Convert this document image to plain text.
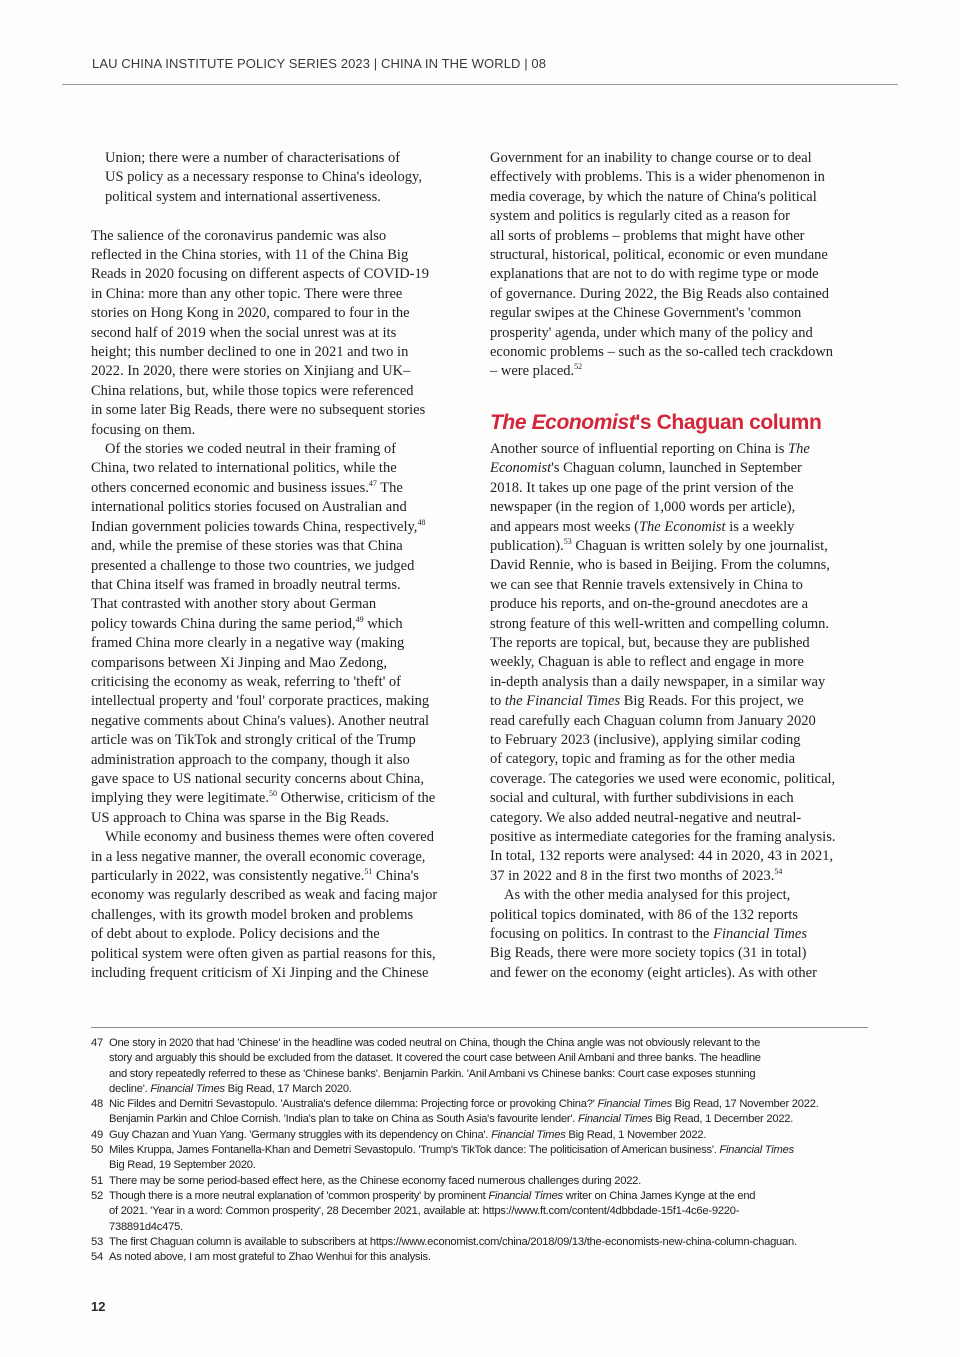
LAU CHINA INSTITUTE POLICY SERIES 2023 | CHINA IN THE WORLD | 08

Union; there were a number of characterisations of
US policy as a necessary response to China's ideology,
political system and international assertiveness.

The salience of the coronavirus pandemic was also
reflected in the China stories, with 11 of the China Big
Reads in 2020 focusing on different aspects of COVID-19
in China: more than any other topic. There were three
stories on Hong Kong in 2020, compared to four in the
second half of 2019 when the social unrest was at its
height; this number declined to one in 2021 and two in
2022. In 2020, there were stories on Xinjiang and UK–
China relations, but, while those topics were referenced
in some later Big Reads, there were no subsequent stories
focusing on them.

Of the stories we coded neutral in their framing of
China, two related to international politics, while the
others concerned economic and business issues.$^{47}$ The
international politics stories focused on Australian and
Indian government policies towards China, respectively,$^{48}$
and, while the premise of these stories was that China
presented a challenge to those two countries, we judged
that China itself was framed in broadly neutral terms.
That contrasted with another story about German
policy towards China during the same period,$^{49}$ which
framed China more clearly in a negative way (making
comparisons between Xi Jinping and Mao Zedong,
criticising the economy as weak, referring to 'theft' of
intellectual property and 'foul' corporate practices, making
negative comments about China's values). Another neutral
article was on TikTok and strongly critical of the Trump
administration approach to the company, though it also
gave space to US national security concerns about China,
implying they were legitimate.$^{50}$ Otherwise, criticism of the
US approach to China was sparse in the Big Reads.

While economy and business themes were often covered
in a less negative manner, the overall economic coverage,
particularly in 2022, was consistently negative.$^{51}$ China's
economy was regularly described as weak and facing major
challenges, with its growth model broken and problems
of debt about to explode. Policy decisions and the
political system were often given as partial reasons for this,
including frequent criticism of Xi Jinping and the Chinese

Government for an inability to change course or to deal
effectively with problems. This is a wider phenomenon in
media coverage, by which the nature of China's political
system and politics is regularly cited as a reason for
all sorts of problems – problems that might have other
structural, historical, political, economic or even mundane
explanations that are not to do with regime type or mode
of governance. During 2022, the Big Reads also contained
regular swipes at the Chinese Government's 'common
prosperity' agenda, under which many of the policy and
economic problems – such as the so-called tech crackdown
– were placed.$^{52}$

The Economist's Chaguan column

Another source of influential reporting on China is The
Economist's Chaguan column, launched in September
2018. It takes up one page of the print version of the
newspaper (in the region of 1,000 words per article),
and appears most weeks (The Economist is a weekly
publication).$^{53}$ Chaguan is written solely by one journalist,
David Rennie, who is based in Beijing. From the columns,
we can see that Rennie travels extensively in China to
produce his reports, and on-the-ground anecdotes are a
strong feature of this well-written and compelling column.
The reports are topical, but, because they are published
weekly, Chaguan is able to reflect and engage in more
in-depth analysis than a daily newspaper, in a similar way
to the Financial Times Big Reads. For this project, we
read carefully each Chaguan column from January 2020
to February 2023 (inclusive), applying similar coding
of category, topic and framing as for the other media
coverage. The categories we used were economic, political,
social and cultural, with further subdivisions in each
category. We also added neutral-negative and neutral-
positive as intermediate categories for the framing analysis.
In total, 132 reports were analysed: 44 in 2020, 43 in 2021,
37 in 2022 and 8 in the first two months of 2023.54

As with the other media analysed for this project,
political topics dominated, with 86 of the 132 reports
focusing on politics. In contrast to the Financial Times
Big Reads, there were more society topics (31 in total)
and fewer on the economy (eight articles). As with other

47 One story in 2020 that had 'Chinese' in the headline was coded neutral on China, though the China angle was not obviously relevant to the
story and arguably this should be excluded from the dataset. It covered the court case between Anil Ambani and three banks. The headline
and story repeatedly referred to these as 'Chinese banks'. Benjamin Parkin. 'Anil Ambani vs Chinese banks: Court case exposes stunning
decline'. Financial Times Big Read, 17 March 2020.
48 Nic Fildes and Demitri Sevastopulo. 'Australia's defence dilemma: Projecting force or provoking China?' Financial Times Big Read, 17 November 2022.
Benjamin Parkin and Chloe Cornish. 'India's plan to take on China as South Asia's favourite lender'. Financial Times Big Read, 1 December 2022.
49 Guy Chazan and Yuan Yang. 'Germany struggles with its dependency on China'. Financial Times Big Read, 1 November 2022.
50 Miles Kruppa, James Fontanella-Khan and Demetri Sevastopulo. 'Trump's TikTok dance: The politicisation of American business'. Financial Times
Big Read, 19 September 2020.
51 There may be some period-based effect here, as the Chinese economy faced numerous challenges during 2022.
52 Though there is a more neutral explanation of 'common prosperity' by prominent Financial Times writer on China James Kynge at the end
of 2021. 'Year in a word: Common prosperity', 28 December 2021, available at: https://www.ft.com/content/4dbbdade-15f1-4c6e-9220-
738891d4c475.
53 The first Chaguan column is available to subscribers at https://www.economist.com/china/2018/09/13/the-economists-new-china-column-chaguan.
54 As noted above, I am most grateful to Zhao Wenhui for this analysis.
12
